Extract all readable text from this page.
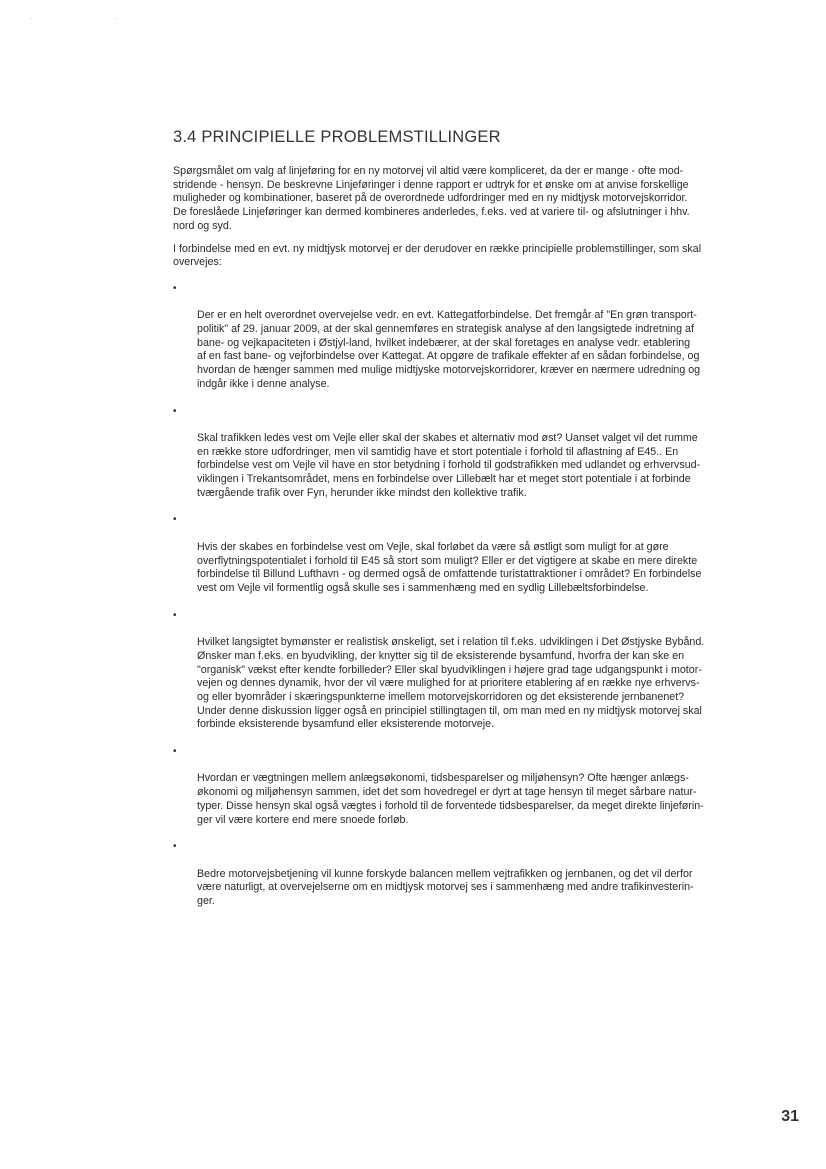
· ·
3.4 PRINCIPIELLE PROBLEMSTILLINGER

Spørgsmålet om valg af linjeføring for en ny motorvej vil altid være kompliceret, da der er mange - ofte mod-
stridende - hensyn. De beskrevne Linjeføringer i denne rapport er udtryk for et ønske om at anvise forskellige
muligheder og kombinationer, baseret på de overordnede udfordringer med en ny midtjysk motorvejskorridor.
De foreslåede Linjeføringer kan dermed kombineres anderledes, f.eks. ved at variere til- og afslutninger i hhv.
nord og syd.

I forbindelse med en evt. ny midtjysk motorvej er der derudover en række principielle problemstillinger, som skal
overvejes:

•

Der er en helt overordnet overvejelse vedr. en evt. Kattegatforbindelse. Det fremgår af "En grøn transport-
politik" af 29. januar 2009, at der skal gennemføres en strategisk analyse af den langsigtede indretning af
bane- og vejkapaciteten i Østjyl-land, hvilket indebærer, at der skal foretages en analyse vedr. etablering
af en fast bane- og vejforbindelse over Kattegat. At opgøre de trafikale effekter af en sådan forbindelse, og
hvordan de hænger sammen med mulige midtjyske motorvejskorridorer, kræver en nærmere udredning og
indgår ikke i denne analyse.

•

Skal trafikken ledes vest om Vejle eller skal der skabes et alternativ mod øst? Uanset valget vil det rumme
en række store udfordringer, men vil samtidig have et stort potentiale i forhold til aflastning af E45.. En
forbindelse vest om Vejle vil have en stor betydning i forhold til godstrafikken med udlandet og erhvervsud-
viklingen i Trekantsområdet, mens en forbindelse over Lillebælt har et meget stort potentiale i at forbinde
tværgående trafik over Fyn, herunder ikke mindst den kollektive trafik.

•

Hvis der skabes en forbindelse vest om Vejle, skal forløbet da være så østligt som muligt for at gøre
overflytningspotentialet i forhold til E45 så stort som muligt? Eller er det vigtigere at skabe en mere direkte
forbindelse til Billund Lufthavn - og dermed også de omfattende turistattraktioner i området? En forbindelse
vest om Vejle vil formentlig også skulle ses i sammenhæng med en sydlig Lillebæltsforbindelse.

•

Hvilket langsigtet bymønster er realistisk ønskeligt, set i relation til f.eks. udviklingen i Det Østjyske Bybånd.
Ønsker man f.eks. en byudvikling, der knytter sig til de eksisterende bysamfund, hvorfra der kan ske en
"organisk" vækst efter kendte forbilleder? Eller skal byudviklingen i højere grad tage udgangspunkt i motor-
vejen og dennes dynamik, hvor der vil være mulighed for at prioritere etablering af en række nye erhvervs-
og eller byområder i skæringspunkterne imellem motorvejskorridoren og det eksisterende jernbanenet?
Under denne diskussion ligger også en principiel stillingtagen til, om man med en ny midtjysk motorvej skal
forbinde eksisterende bysamfund eller eksisterende motorveje.

•

Hvordan er vægtningen mellem anlægsøkonomi, tidsbesparelser og miljøhensyn? Ofte hænger anlægs-
økonomi og miljøhensyn sammen, idet det som hovedregel er dyrt at tage hensyn til meget sårbare natur-
typer. Disse hensyn skal også vægtes i forhold til de forventede tidsbesparelser, da meget direkte linjeførin-
ger vil være kortere end mere snoede forløb.

•

Bedre motorvejsbetjening vil kunne forskyde balancen mellem vejtrafikken og jernbanen, og det vil derfor
være naturligt, at overvejelserne om en midtjysk motorvej ses i sammenhæng med andre trafikinvesterin-
ger.

31
